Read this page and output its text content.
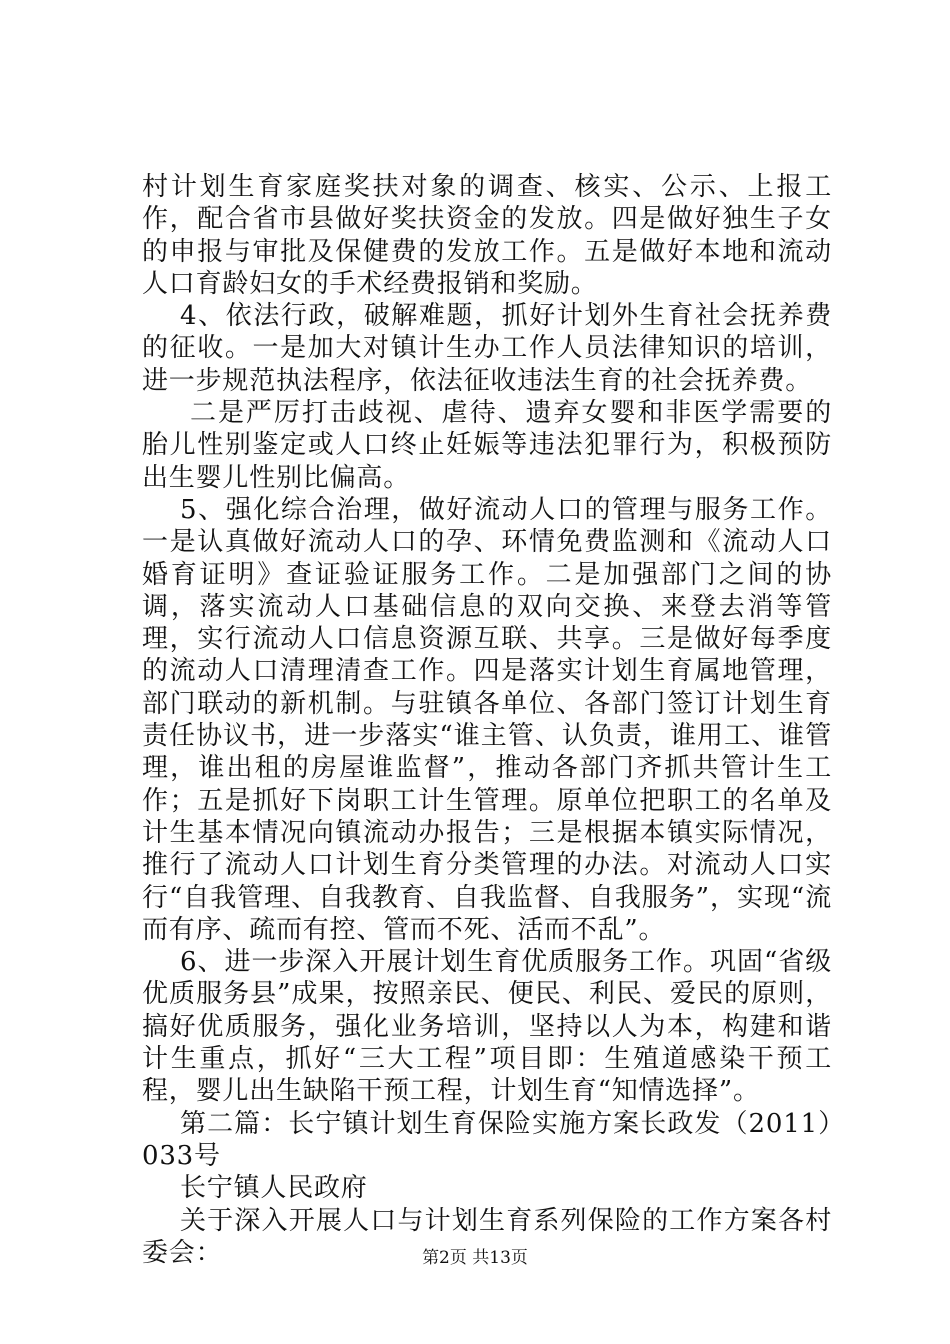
村计划生育家庭奖扶对象的调查、核实、公示、上报工作，配合省市县做好奖扶资金的发放。四是做好独生子女的申报与审批及保健费的发放工作。五是做好本地和流动人口育龄妇女的手术经费报销和奖励。

4、依法行政，破解难题，抓好计划外生育社会抚养费的征收。一是加大对镇计生办工作人员法律知识的培训，进一步规范执法程序，依法征收违法生育的社会抚养费。

二是严厉打击歧视、虐待、遗弃女婴和非医学需要的胎儿性别鉴定或人口终止妊娠等违法犯罪行为，积极预防出生婴儿性别比偏高。

5、强化综合治理，做好流动人口的管理与服务工作。一是认真做好流动人口的孕、环情免费监测和《流动人口婚育证明》查证验证服务工作。二是加强部门之间的协调，落实流动人口基础信息的双向交换、来登去消等管理，实行流动人口信息资源互联、共享。三是做好每季度的流动人口清理清查工作。四是落实计划生育属地管理，部门联动的新机制。与驻镇各单位、各部门签订计划生育责任协议书，进一步落实“谁主管、认负责，谁用工、谁管理，谁出租的房屋谁监督”，推动各部门齐抓共管计生工作；五是抓好下岗职工计生管理。原单位把职工的名单及计生基本情况向镇流动办报告；三是根据本镇实际情况，推行了流动人口计划生育分类管理的办法。对流动人口实行“自我管理、自我教育、自我监督、自我服务”，实现“流而有序、疏而有控、管而不死、活而不乱”。

6、进一步深入开展计划生育优质服务工作。巩固“省级优质服务县”成果，按照亲民、便民、利民、爱民的原则，搞好优质服务，强化业务培训，坚持以人为本，构建和谐计生重点，抓好“三大工程”项目即：生殖道感染干预工程，婴儿出生缺陷干预工程，计划生育“知情选择”。

第二篇：长宁镇计划生育保险实施方案长政发（2011）033号

长宁镇人民政府

关于深入开展人口与计划生育系列保险的工作方案各村委会：	第2页 共13页
